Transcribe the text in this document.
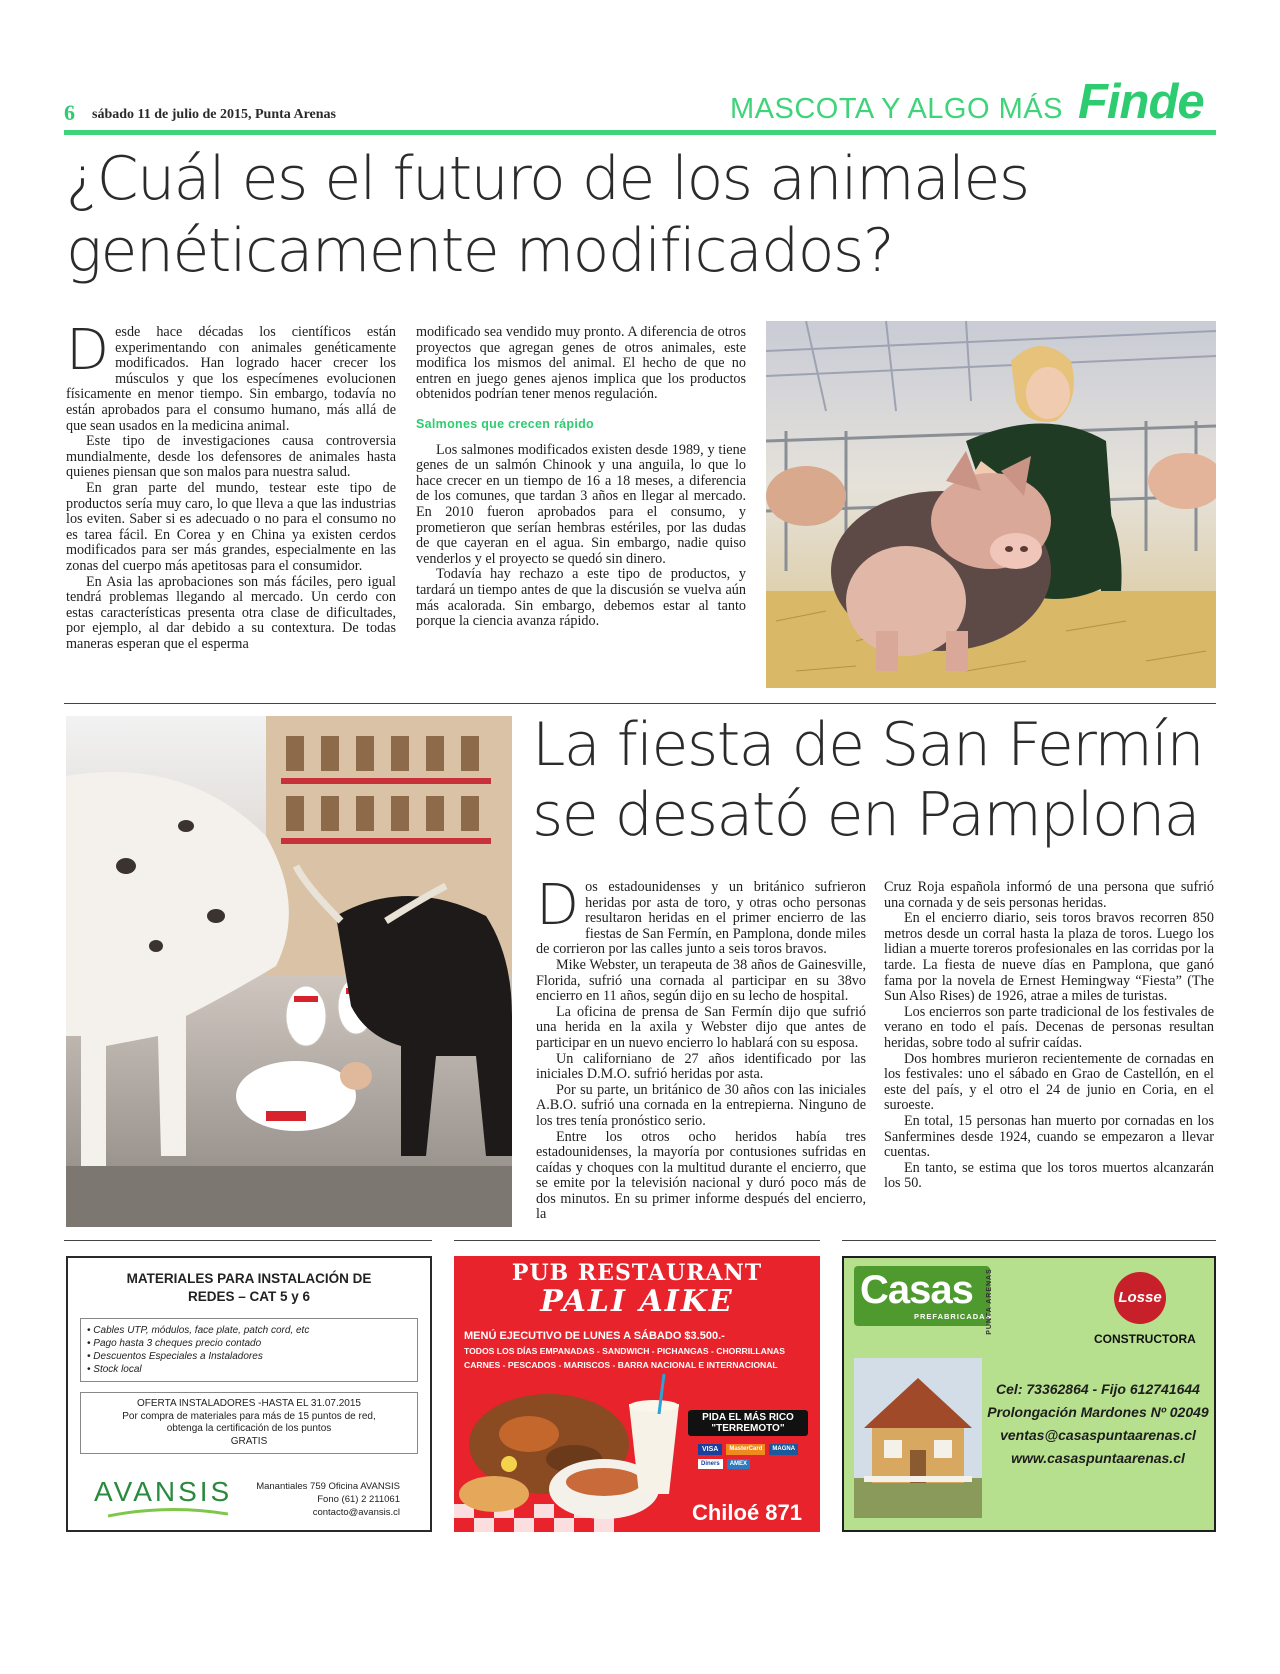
6 sábado 11 de julio de 2015, Punta Arenas	MASCOTA Y ALGO MÁS Finde
¿Cuál es el futuro de los animales genéticamente modificados?

Desde hace décadas los científicos están experimentando con animales genéticamente modificados. Han logrado hacer crecer los músculos y que los especímenes evolucionen físicamente en menor tiempo. Sin embargo, todavía no están aprobados para el consumo humano, más allá de que sean usados en la medicina animal.

Este tipo de investigaciones causa controversia mundialmente, desde los defensores de animales hasta quienes piensan que son malos para nuestra salud.

En gran parte del mundo, testear este tipo de productos sería muy caro, lo que lleva a que las industrias los eviten. Saber si es adecuado o no para el consumo no es tarea fácil. En Corea y en China ya existen cerdos modificados para ser más grandes, especialmente en las zonas del cuerpo más apetitosas para el consumidor.

En Asia las aprobaciones son más fáciles, pero igual tendrá problemas llegando al mercado. Un cerdo con estas características presenta otra clase de dificultades, por ejemplo, al dar debido a su contextura. De todas maneras esperan que el esperma

modificado sea vendido muy pronto. A diferencia de otros proyectos que agregan genes de otros animales, este modifica los mismos del animal. El hecho de que no entren en juego genes ajenos implica que los productos obtenidos podrían tener menos regulación.

Salmones que crecen rápido

Los salmones modificados existen desde 1989, y tiene genes de un salmón Chinook y una anguila, lo que lo hace crecer en un tiempo de 16 a 18 meses, a diferencia de los comunes, que tardan 3 años en llegar al mercado. En 2010 fueron aprobados para el consumo, y prometieron que serían hembras estériles, por las dudas de que cayeran en el agua. Sin embargo, nadie quiso venderlos y el proyecto se quedó sin dinero.

Todavía hay rechazo a este tipo de productos, y tardará un tiempo antes de que la discusión se vuelva aún más acalorada. Sin embargo, debemos estar al tanto porque la ciencia avanza rápido.

La fiesta de San Fermín
se desató en Pamplona

Dos estadounidenses y un británico sufrieron heridas por asta de toro, y otras ocho personas resultaron heridas en el primer encierro de las fiestas de San Fermín, en Pamplona, donde miles de corrieron por las calles junto a seis toros bravos.

Mike Webster, un terapeuta de 38 años de Gainesville, Florida, sufrió una cornada al participar en su 38vo encierro en 11 años, según dijo en su lecho de hospital.

La oficina de prensa de San Fermín dijo que sufrió una herida en la axila y Webster dijo que antes de participar en un nuevo encierro lo hablará con su esposa.

Un californiano de 27 años identificado por las iniciales D.M.O. sufrió heridas por asta.

Por su parte, un británico de 30 años con las iniciales A.B.O. sufrió una cornada en la entrepierna. Ninguno de los tres tenía pronóstico serio.

Entre los otros ocho heridos había tres estadounidenses, la mayoría por contusiones sufridas en caídas y choques con la multitud durante el encierro, que se emite por la televisión nacional y duró poco más de dos minutos. En su primer informe después del encierro, la

Cruz Roja española informó de una persona que sufrió una cornada y de seis personas heridas.

En el encierro diario, seis toros bravos recorren 850 metros desde un corral hasta la plaza de toros. Luego los lidian a muerte toreros profesionales en las corridas por la tarde. La fiesta de nueve días en Pamplona, que ganó fama por la novela de Ernest Hemingway “Fiesta” (The Sun Also Rises) de 1926, atrae a miles de turistas.

Los encierros son parte tradicional de los festivales de verano en todo el país. Decenas de personas resultan heridas, sobre todo al sufrir caídas.

Dos hombres murieron recientemente de cornadas en los festivales: uno el sábado en Grao de Castellón, en el este del país, y el otro el 24 de junio en Coria, en el suroeste.

En total, 15 personas han muerto por cornadas en los Sanfermines desde 1924, cuando se empezaron a llevar cuentas.

En tanto, se estima que los toros muertos alcanzarán los 50.

MATERIALES PARA INSTALACIÓN DE
REDES – CAT 5 y 6
• Cables UTP, módulos, face plate, patch cord, etc
• Pago hasta 3 cheques precio contado
• Descuentos Especiales a Instaladores
• Stock local
OFERTA INSTALADORES -HASTA EL 31.07.2015
Por compra de materiales para más de 15 puntos de red,
obtenga la certificación de los puntos
GRATIS
AVANSIS	Manantiales 759 Oficina AVANSIS
Fono (61) 2 211061
contacto@avansis.cl
PUB RESTAURANT
PALI AIKE
MENÚ EJECUTIVO DE LUNES A SÁBADO $3.500.-
TODOS LOS DÍAS EMPANADAS - SANDWICH - PICHANGAS - CHORRILLANAS
CARNES - PESCADOS - MARISCOS - BARRA NACIONAL E INTERNACIONAL
PIDA EL MÁS RICO
"TERREMOTO"
VISA	MasterCard	MAGNA
Diners	AMEX
Chiloé 871
Casas
PREFABRICADAS
PUNTA ARENAS	Losse
CONSTRUCTORA
Cel: 73362864 - Fijo 612741644
Prolongación Mardones Nº 02049
ventas@casaspuntaarenas.cl
www.casaspuntaarenas.cl
